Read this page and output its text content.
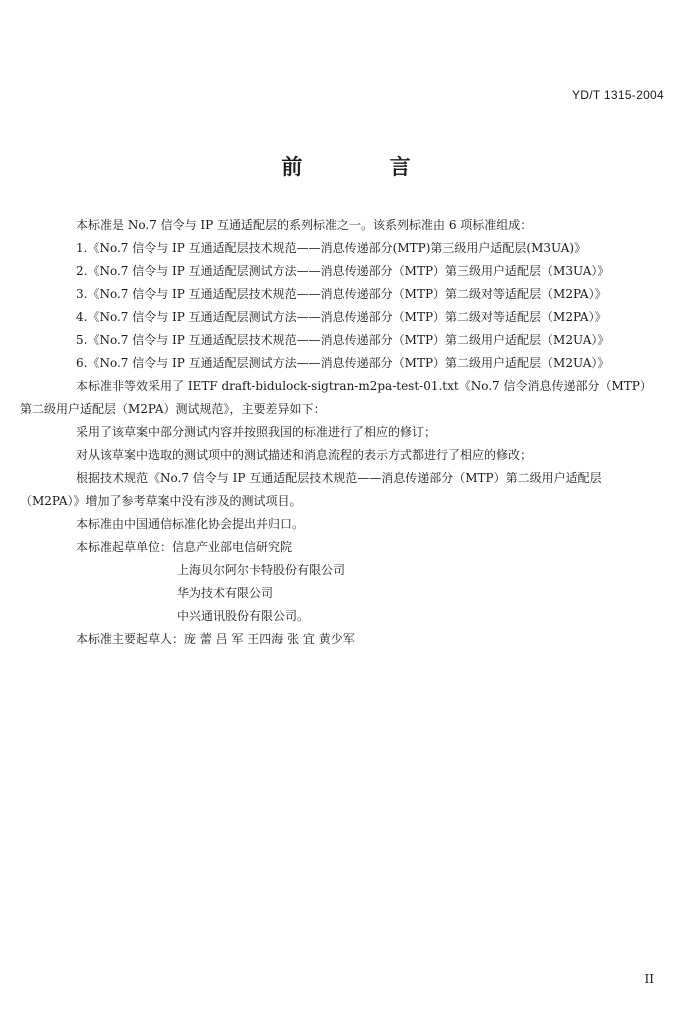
YD/T 1315-2004
前 言
本标准是 No.7 信令与 IP 互通适配层的系列标准之一。该系列标准由 6 项标准组成：
1.《No.7 信令与 IP 互通适配层技术规范——消息传递部分(MTP)第三级用户适配层(M3UA)》
2.《No.7 信令与 IP 互通适配层测试方法——消息传递部分（MTP）第三级用户适配层（M3UA）》
3.《No.7 信令与 IP 互通适配层技术规范——消息传递部分（MTP）第二级对等适配层（M2PA）》
4.《No.7 信令与 IP 互通适配层测试方法——消息传递部分（MTP）第二级对等适配层（M2PA）》
5.《No.7 信令与 IP 互通适配层技术规范——消息传递部分（MTP）第二级用户适配层（M2UA）》
6.《No.7 信令与 IP 互通适配层测试方法——消息传递部分（MTP）第二级用户适配层（M2UA）》
本标准非等效采用了 IETF draft-bidulock-sigtran-m2pa-test-01.txt《No.7 信令消息传递部分（MTP）
第二级用户适配层（M2PA）测试规范》，主要差异如下：
采用了该草案中部分测试内容并按照我国的标准进行了相应的修订；
对从该草案中选取的测试项中的测试描述和消息流程的表示方式都进行了相应的修改；
根据技术规范《No.7 信令与 IP 互通适配层技术规范——消息传递部分（MTP）第二级用户适配层
（M2PA）》增加了参考草案中没有涉及的测试项目。
本标准由中国通信标准化协会提出并归口。
本标准起草单位：信息产业部电信研究院
上海贝尔阿尔卡特股份有限公司
华为技术有限公司
中兴通讯股份有限公司。
本标准主要起草人：庞 蕾 吕 军 王四海 张 宜 黄少军
II
